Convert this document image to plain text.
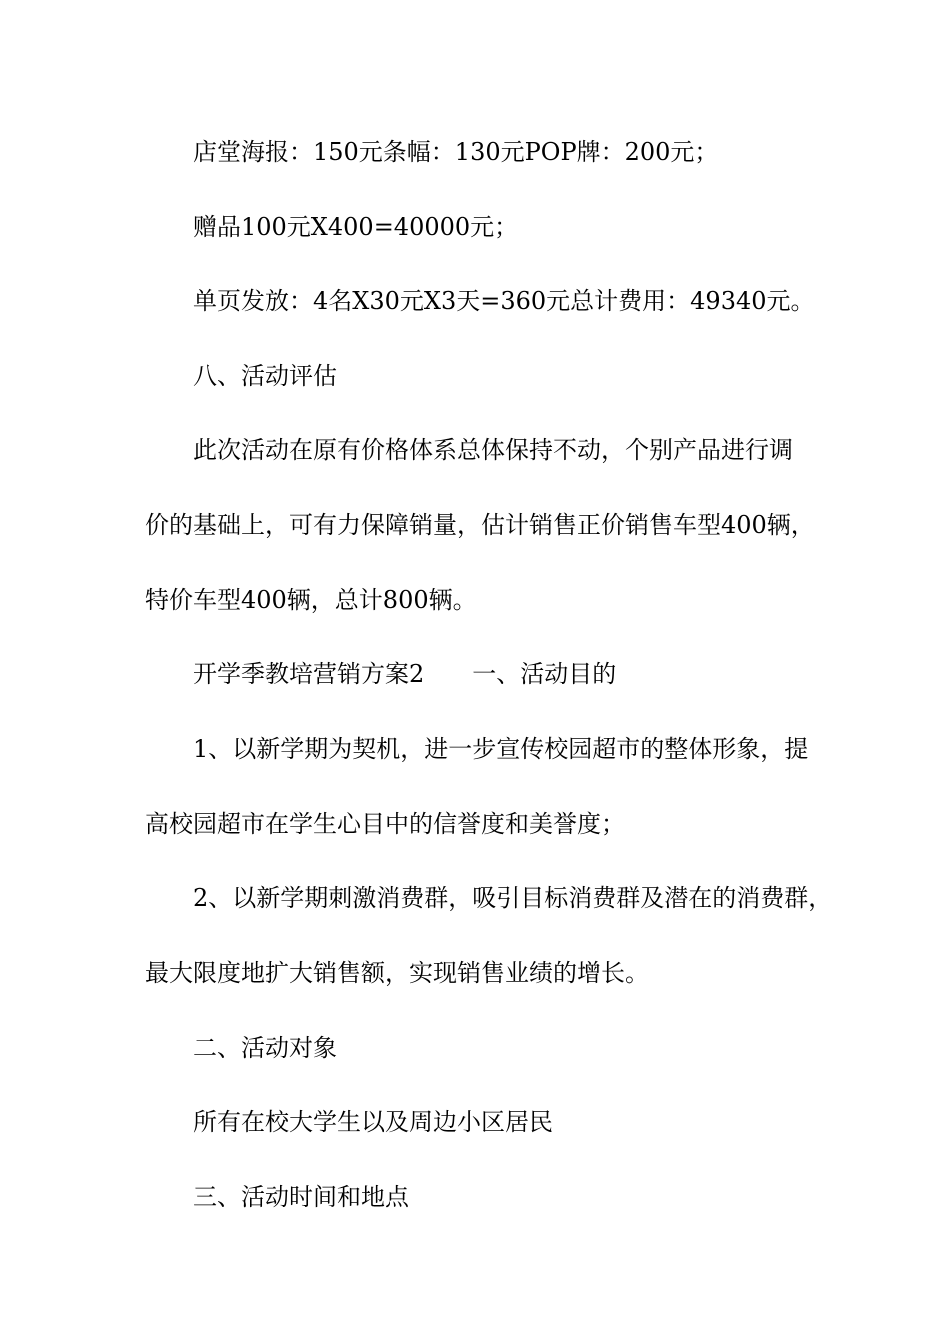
店堂海报：150元条幅：130元POP牌：200元；
赠品100元X400=40000元；
单页发放：4名X30元X3天=360元总计费用：49340元。
八、活动评估
此次活动在原有价格体系总体保持不动，个别产品进行调
价的基础上，可有力保障销量，估计销售正价销售车型400辆，
特价车型400辆，总计800辆。
开学季教培营销方案2 一、活动目的
1、以新学期为契机，进一步宣传校园超市的整体形象，提
高校园超市在学生心目中的信誉度和美誉度；
2、以新学期刺激消费群，吸引目标消费群及潜在的消费群，
最大限度地扩大销售额，实现销售业绩的增长。
二、活动对象
所有在校大学生以及周边小区居民
三、活动时间和地点
